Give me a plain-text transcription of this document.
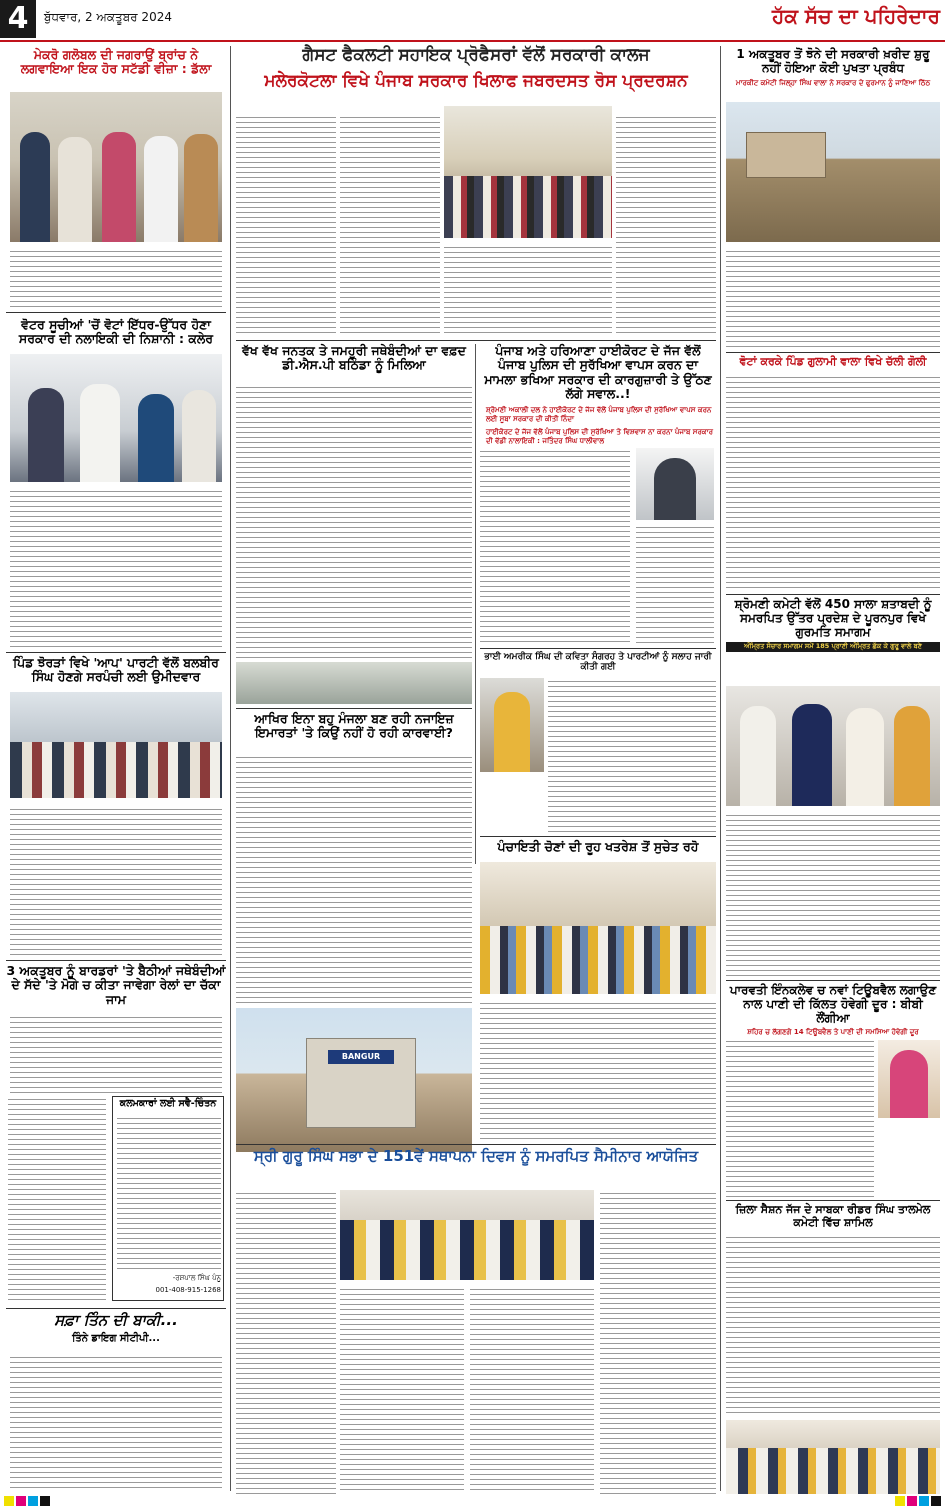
4	ਬੁੱਧਵਾਰ, 2 ਅਕਤੂਬਰ 2024	ਹੱਕ ਸੱਚ ਦਾ ਪਹਿਰੇਦਾਰ
ਮੇਕਰੋ ਗਲੋਬਲ ਦੀ ਜਗਰਾਉਂ ਬ੍ਰਾਂਚ ਨੇ ਲਗਵਾਇਆ ਇਕ ਹੋਰ ਸਟੱਡੀ ਵੀਜ਼ਾ : ਡੱਲਾ
ਵੋਟਰ ਸੂਚੀਆਂ 'ਚੋਂ ਵੋਟਾਂ ਇੱਧਰ-ਉੱਧਰ ਹੋਣਾ ਸਰਕਾਰ ਦੀ ਨਲਾਇਕੀ ਦੀ ਨਿਸ਼ਾਨੀ : ਕਲੇਰ
ਪਿੰਡ ਝੋਰੜਾਂ ਵਿਖੇ 'ਆਪ' ਪਾਰਟੀ ਵੱਲੋਂ ਬਲਬੀਰ ਸਿੰਘ ਹੋਣਗੇ ਸਰਪੰਚੀ ਲਈ ਉਮੀਦਵਾਰ
3 ਅਕਤੂਬਰ ਨੂੰ ਬਾਰਡਰਾਂ 'ਤੇ ਬੈਠੀਆਂ ਜਥੇਬੰਦੀਆਂ ਦੇ ਸੱਦੇ 'ਤੇ ਮੋਗੇ ਚ ਕੀਤਾ ਜਾਵੇਗਾ ਰੇਲਾਂ ਦਾ ਚੱਕਾ ਜਾਮ
ਕਲਮਕਾਰਾਂ ਲਈ ਸਵੈ-ਚਿੰਤਨ
-ਰਸ਼ਪਾਲ ਸਿੰਘ ਪੰਨੂ
001-408-915-1268
ਸਫ਼ਾ ਤਿੰਨ ਦੀ ਬਾਕੀ...
ਤਿੰਨੇ ਡਾਇਗ ਸੀਟੀਪੀ...
ਗੈਸਟ ਫੈਕਲਟੀ ਸਹਾਇਕ ਪ੍ਰੋਫੈਸਰਾਂ ਵੱਲੋਂ ਸਰਕਾਰੀ ਕਾਲਜ
ਮਲੇਰਕੋਟਲਾ ਵਿਖੇ ਪੰਜਾਬ ਸਰਕਾਰ ਖਿਲਾਫ ਜਬਰਦਸਤ ਰੋਸ ਪ੍ਰਦਰਸ਼ਨ
ਵੱਖ ਵੱਖ ਜਨਤਕ ਤੇ ਜਮਹੂਰੀ ਜਥੇਬੰਦੀਆਂ ਦਾ ਵਫ਼ਦ ਡੀ.ਐਸ.ਪੀ ਬਠਿੰਡਾ ਨੂੰ ਮਿਲਿਆ
ਪੰਜਾਬ ਅਤੇ ਹਰਿਆਣਾ ਹਾਈਕੋਰਟ ਦੇ ਜੱਜ ਵੱਲੋਂ ਪੰਜਾਬ ਪੁਲਿਸ ਦੀ ਸੁਰੱਖਿਆ ਵਾਪਸ ਕਰਨ ਦਾ ਮਾਮਲਾ ਭਖਿਆ ਸਰਕਾਰ ਦੀ ਕਾਰਗੁਜ਼ਾਰੀ ਤੇ ਉੱਠਣ ਲੱਗੇ ਸਵਾਲ..!
ਸ਼੍ਰੋਮਣੀ ਅਕਾਲੀ ਦਲ ਨੇ ਹਾਈਕੋਰਟ ਦੇ ਜੱਜ ਵੱਲੋਂ ਪੰਜਾਬ ਪੁਲਿਸ ਦੀ ਸੁਰੱਖਿਆ ਵਾਪਸ ਕਰਨ ਲਈ ਸੂਬਾ ਸਰਕਾਰ ਦੀ ਕੀਤੀ ਨਿੰਦਾ
ਹਾਈਕੋਰਟ ਦੇ ਜੱਜ ਵੱਲੋਂ ਪੰਜਾਬ ਪੁਲਿਸ ਦੀ ਸੁਰੱਖਿਆ ਤੇ ਵਿਸ਼ਵਾਸ ਨਾ ਕਰਨਾ ਪੰਜਾਬ ਸਰਕਾਰ ਦੀ ਵੱਡੀ ਨਾਲਾਇਕੀ : ਜਤਿੰਦਰ ਸਿੰਘ ਧਾਲੀਵਾਲ
ਭਾਈ ਅਮਰੀਕ ਸਿੰਘ ਦੀ ਕਵਿਤਾ ਸੰਗਰਹ ਤੇ ਪਾਰਟੀਆਂ ਨੂੰ ਸਲਾਹ ਜਾਰੀ ਕੀਤੀ ਗਈ
ਆਖਿਰ ਇਨਾ ਬਹੁ ਮੰਜਲਾ ਬਣ ਰਹੀ ਨਜਾਇਜ਼ ਇਮਾਰਤਾਂ 'ਤੇ ਕਿਉਂ ਨਹੀਂ ਹੋ ਰਹੀ ਕਾਰਵਾਈ?
BANGUR
ਪੰਚਾਇਤੀ ਚੋਣਾਂ ਦੀ ਰੂਹ ਖਤਰੇਸ਼ ਤੋਂ ਸੁਚੇਤ ਰਹੋ
ਸ੍ਰੀ ਗੁਰੂ ਸਿੰਘ ਸਭਾ ਦੇ 151ਵੇਂ ਸਥਾਪਨਾ ਦਿਵਸ ਨੂੰ ਸਮਰਪਿਤ ਸੈਮੀਨਾਰ ਆਯੋਜਿਤ
1 ਅਕਤੂਬਰ ਤੋਂ ਝੋਨੇ ਦੀ ਸਰਕਾਰੀ ਖ਼ਰੀਦ ਸ਼ੁਰੂ ਨਹੀਂ ਹੋਇਆ ਕੋਈ ਪੁਖਤਾ ਪ੍ਰਬੰਧ
ਮਾਰਕੀਟ ਕਮੇਟੀ ਜਿਲ੍ਹਾ ਸਿੰਘ ਵਾਲਾ ਨੇ ਸਰਕਾਰ ਦੇ ਫੁਰਮਾਨ ਨੂੰ ਜਾਣਿਆ ਠਿੱਠ
ਵੋਟਾਂ ਕਰਕੇ ਪਿੰਡ ਗੁਲਾਮੀ ਵਾਲਾ ਵਿਖੇ ਚੱਲੀ ਗੋਲੀ
ਸ਼੍ਰੋਮਣੀ ਕਮੇਟੀ ਵੱਲੋਂ 450 ਸਾਲਾ ਸ਼ਤਾਬਦੀ ਨੂੰ ਸਮਰਪਿਤ ਉੱਤਰ ਪ੍ਰਦੇਸ਼ ਦੇ ਪੂਰਨਪੁਰ ਵਿਖੇ ਗੁਰਮਤਿ ਸਮਾਗਮ
ਅੰਮ੍ਰਿਤ ਸੰਚਾਰ ਸਮਾਗਮ ਸਮੇਂ 185 ਪ੍ਰਾਣੀ ਅੰਮ੍ਰਿਤ ਛੱਕ ਕੇ ਗੁਰੂ ਵਾਲੇ ਬਣੇ
ਪਾਰਵਤੀ ਇੰਨਕਲੇਵ ਚ ਨਵਾਂ ਟਿਊਬਵੈਲ ਲਗਾਉਣ ਨਾਲ ਪਾਣੀ ਦੀ ਕਿੱਲਤ ਹੋਵੇਗੀ ਦੂਰ : ਬੀਬੀ ਲੌਂਗੀਆ
ਸ਼ਹਿਰ ਚ ਲੱਗਣਗੇ 14 ਟਿਊਬਵੈਲ ਤੇ ਪਾਣੀ ਦੀ ਸਮਸਿਆ ਹੋਵੇਗੀ ਦੂਰ
ਜ਼ਿਲਾ ਸੈਸ਼ਨ ਜੱਜ ਦੇ ਸਾਬਕਾ ਰੀਡਰ ਸਿੰਘ ਤਾਲਮੇਲ ਕਮੇਟੀ ਵਿੱਚ ਸ਼ਾਮਿਲ
